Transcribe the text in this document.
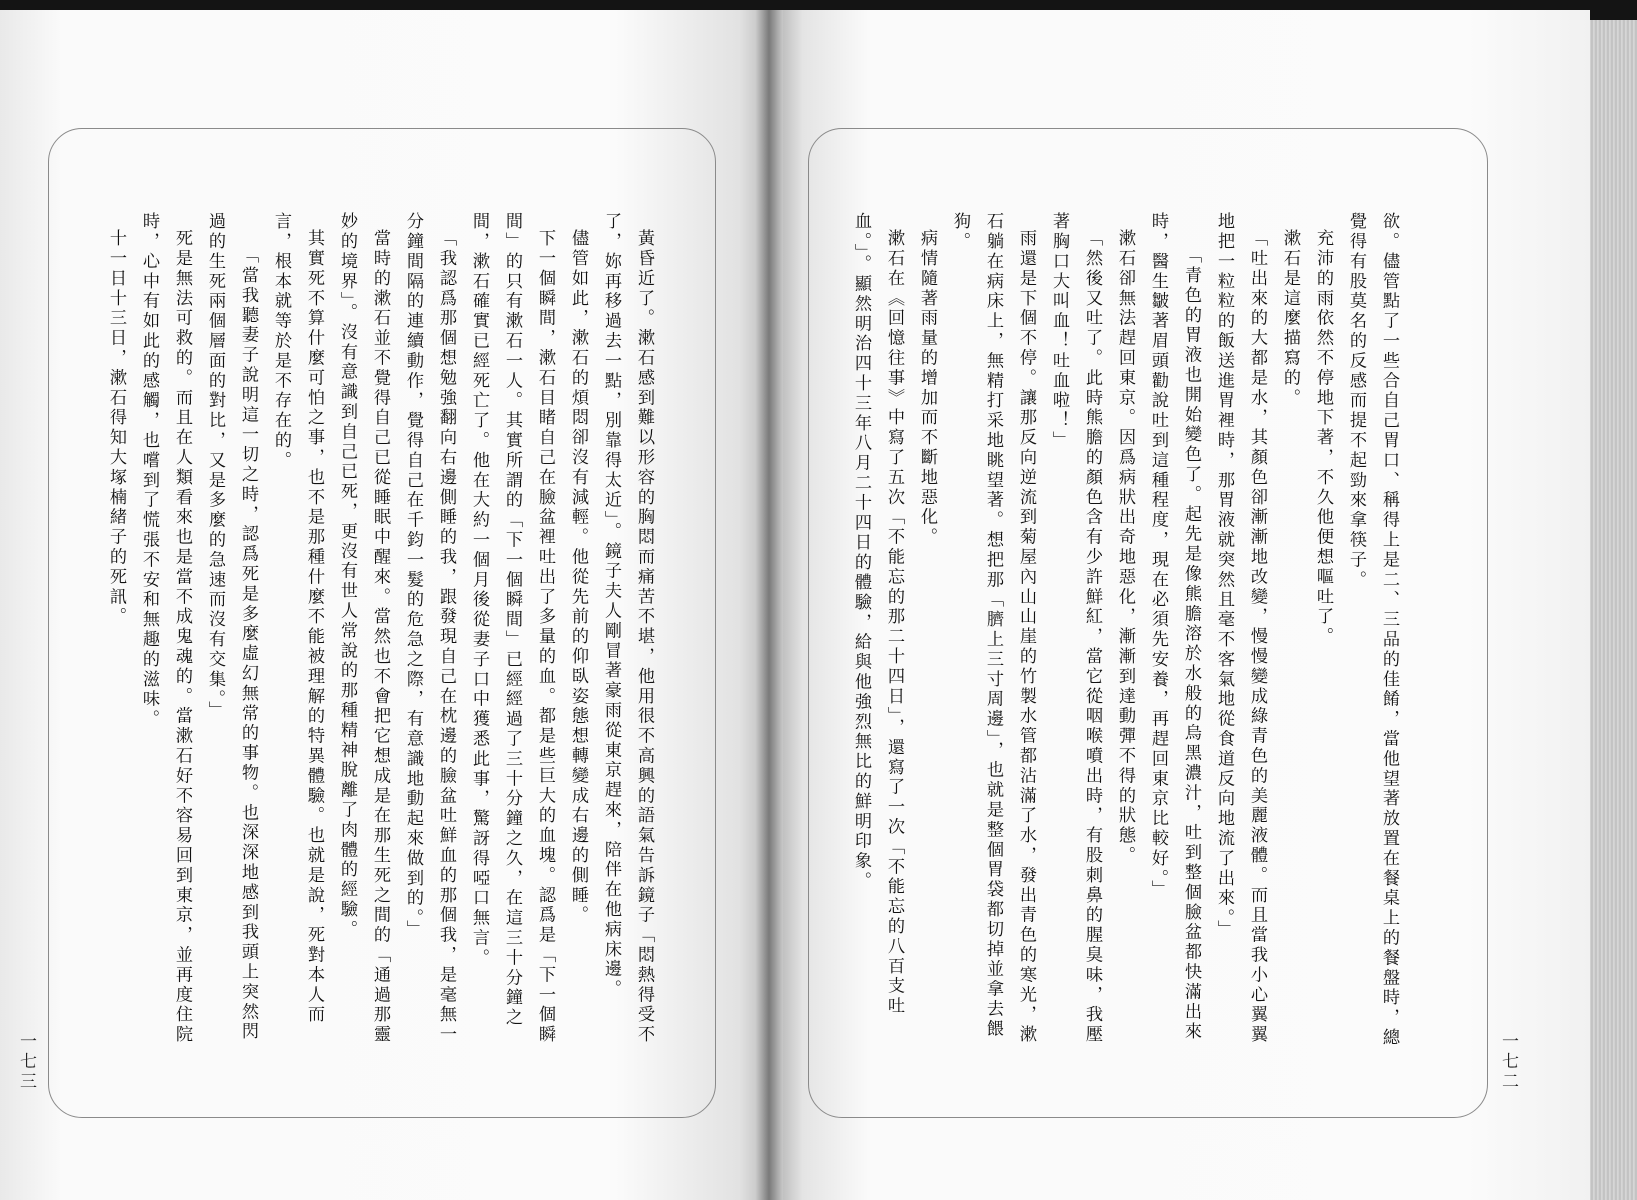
黃昏近了。漱石感到難以形容的胸悶而痛苦不堪，他用很不高興的語氣告訴鏡子「悶熱得受不了，妳再移過去一點，別靠得太近」。鏡子夫人剛冒著豪雨從東京趕來，陪伴在他病床邊。

儘管如此，漱石的煩悶卻沒有減輕。他從先前的仰臥姿態想轉變成右邊的側睡。

下一個瞬間，漱石目睹自己在臉盆裡吐出了多量的血。都是些巨大的血塊。認爲是「下一個瞬間」的只有漱石一人。其實所謂的「下一個瞬間」已經經過了三十分鐘之久，在這三十分鐘之間，漱石確實已經死亡了。他在大約一個月後從妻子口中獲悉此事，驚訝得啞口無言。

「我認爲那個想勉強翻向右邊側睡的我，跟發現自己在枕邊的臉盆吐鮮血的那個我，是毫無一分鐘間隔的連續動作，覺得自己在千鈞一髮的危急之際，有意識地動起來做到的。」

當時的漱石並不覺得自己已從睡眠中醒來。當然也不會把它想成是在那生死之間的「通過那靈妙的境界」。沒有意識到自己已死，更沒有世人常說的那種精神脫離了肉體的經驗。

其實死不算什麼可怕之事，也不是那種什麼不能被理解的特異體驗。也就是說，死對本人而言，根本就等於是不存在的。

「當我聽妻子說明這一切之時，認爲死是多麼虛幻無常的事物。也深深地感到我頭上突然閃過的生死兩個層面的對比，又是多麼的急速而沒有交集。」

死是無法可救的。而且在人類看來也是當不成鬼魂的。當漱石好不容易回到東京，並再度住院時，心中有如此的感觸，也嚐到了慌張不安和無趣的滋味。

十一日十三日，漱石得知大塚楠緒子的死訊。	欲。儘管點了一些合自己胃口、稱得上是二、三品的佳餚，當他望著放置在餐桌上的餐盤時，總覺得有股莫名的反感而提不起勁來拿筷子。

充沛的雨依然不停地下著，不久他便想嘔吐了。

漱石是這麼描寫的。

「吐出來的大都是水，其顏色卻漸漸地改變，慢慢變成綠青色的美麗液體。而且當我小心翼翼地把一粒粒的飯送進胃裡時，那胃液就突然且毫不客氣地從食道反向地流了出來。」

「青色的胃液也開始變色了。起先是像熊膽溶於水般的烏黑濃汁，吐到整個臉盆都快滿出來時，醫生皺著眉頭勸說吐到這種程度，現在必須先安養，再趕回東京比較好。」

漱石卻無法趕回東京。因爲病狀出奇地惡化，漸漸到達動彈不得的狀態。

「然後又吐了。此時熊膽的顏色含有少許鮮紅，當它從咽喉噴出時，有股刺鼻的腥臭味，我壓著胸口大叫血！吐血啦！」

雨還是下個不停。讓那反向逆流到菊屋內山山崖的竹製水管都沾滿了水，發出青色的寒光，漱石躺在病床上，無精打采地眺望著。想把那「臍上三寸周邊」，也就是整個胃袋都切掉並拿去餵狗。

病情隨著雨量的增加而不斷地惡化。

漱石在《回憶往事》中寫了五次「不能忘的那二十四日」，還寫了一次「不能忘的八百支吐血。」。顯然明治四十三年八月二十四日的體驗，給與他強烈無比的鮮明印象。

一七三	一七二
